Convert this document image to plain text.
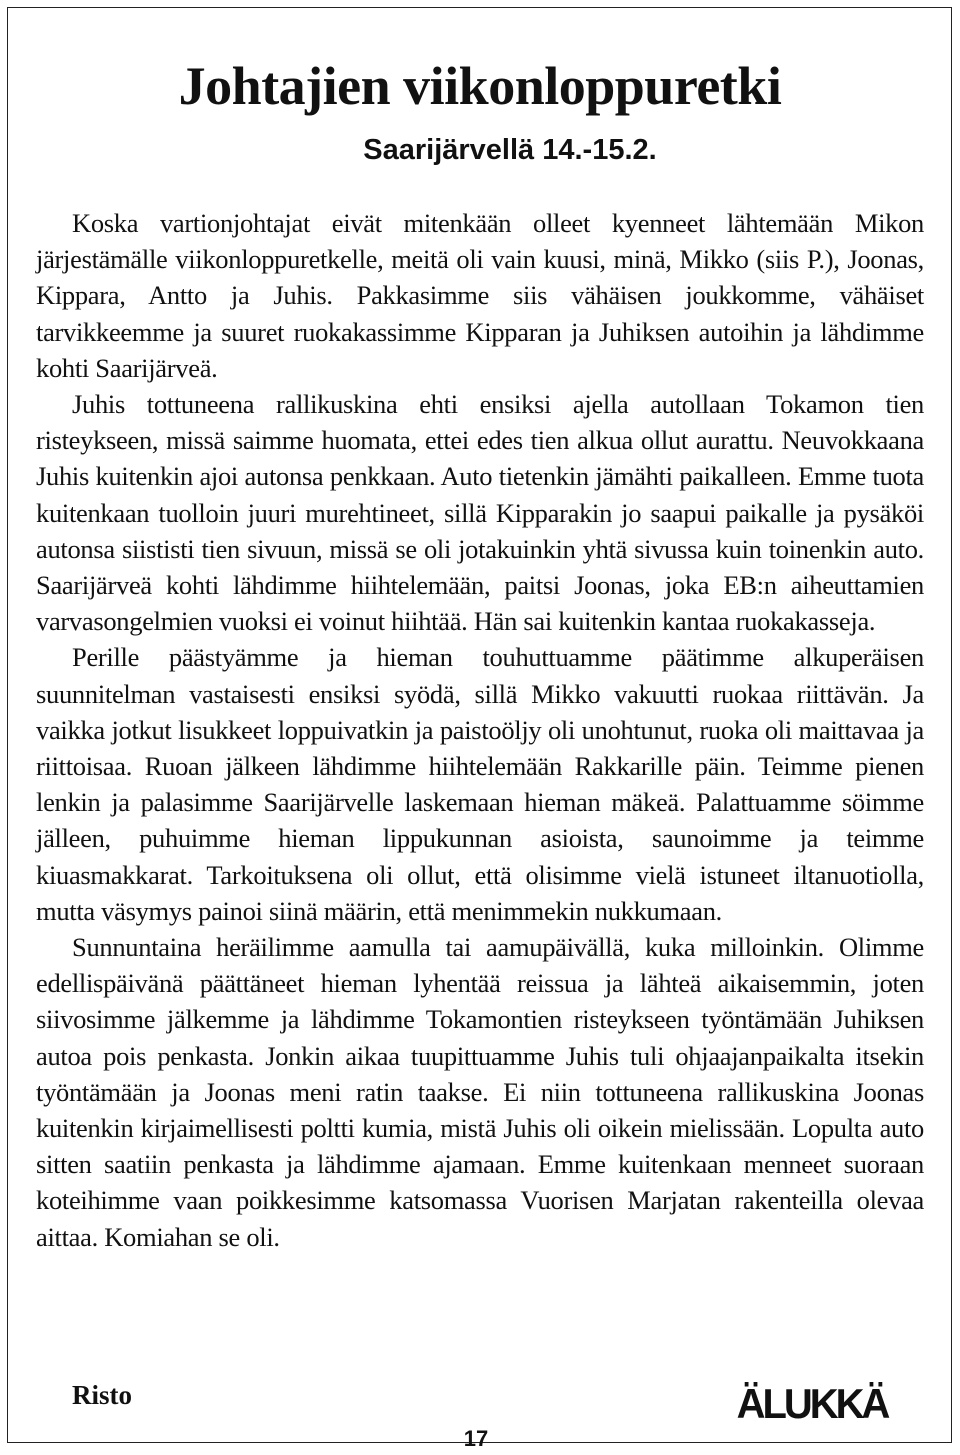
Johtajien viikonloppuretki
Saarijärvellä 14.-15.2.

Koska vartionjohtajat eivät mitenkään olleet kyenneet lähtemään Mikon järjestämälle viikonloppuretkelle, meitä oli vain kuusi, minä, Mikko (siis P.), Joonas, Kippara, Antto ja Juhis. Pakkasimme siis vähäisen joukkomme, vähäiset tarvikkeemme ja suuret ruokakassimme Kipparan ja Juhiksen autoihin ja lähdimme kohti Saarijärveä.

Juhis tottuneena rallikuskina ehti ensiksi ajella autollaan Tokamon tien risteykseen, missä saimme huomata, ettei edes tien alkua ollut aurattu. Neuvokkaana Juhis kuitenkin ajoi autonsa penkkaan. Auto tietenkin jämähti paikalleen. Emme tuota kuitenkaan tuolloin juuri murehtineet, sillä Kipparakin jo saapui paikalle ja pysäköi autonsa siististi tien sivuun, missä se oli jotakuinkin yhtä sivussa kuin toinenkin auto. Saarijärveä kohti lähdimme hiihtelemään, paitsi Joonas, joka EB:n aiheuttamien varvasongelmien vuoksi ei voinut hiihtää. Hän sai kuitenkin kantaa ruokakasseja.

Perille päästyämme ja hieman touhuttuamme päätimme alkuperäisen suunnitelman vastaisesti ensiksi syödä, sillä Mikko vakuutti ruokaa riittävän. Ja vaikka jotkut lisukkeet loppuivatkin ja paistoöljy oli unohtunut, ruoka oli maittavaa ja riittoisaa. Ruoan jälkeen lähdimme hiihtelemään Rakkarille päin. Teimme pienen lenkin ja palasimme Saarijärvelle laskemaan hieman mäkeä. Palattuamme söimme jälleen, puhuimme hieman lippukunnan asioista, saunoimme ja teimme kiuasmakkarat. Tarkoituksena oli ollut, että olisimme vielä istuneet iltanuotiolla, mutta väsymys painoi siinä määrin, että menimmekin nukkumaan.

Sunnuntaina heräilimme aamulla tai aamupäivällä, kuka milloinkin. Olimme edellispäivänä päättäneet hieman lyhentää reissua ja lähteä aikaisemmin, joten siivosimme jälkemme ja lähdimme Tokamontien risteykseen työntämään Juhiksen autoa pois penkasta. Jonkin aikaa tuupittuamme Juhis tuli ohjaajanpaikalta itsekin työntämään ja Joonas meni ratin taakse. Ei niin tottuneena rallikuskina Joonas kuitenkin kirjaimellisesti poltti kumia, mistä Juhis oli oikein mielissään. Lopulta auto sitten saatiin penkasta ja lähdimme ajamaan. Emme kuitenkaan menneet suoraan koteihimme vaan poikkesimme katsomassa Vuorisen Marjatan rakenteilla olevaa aittaa. Komiahan se oli.

Risto	ÄLUKKÄ
17
